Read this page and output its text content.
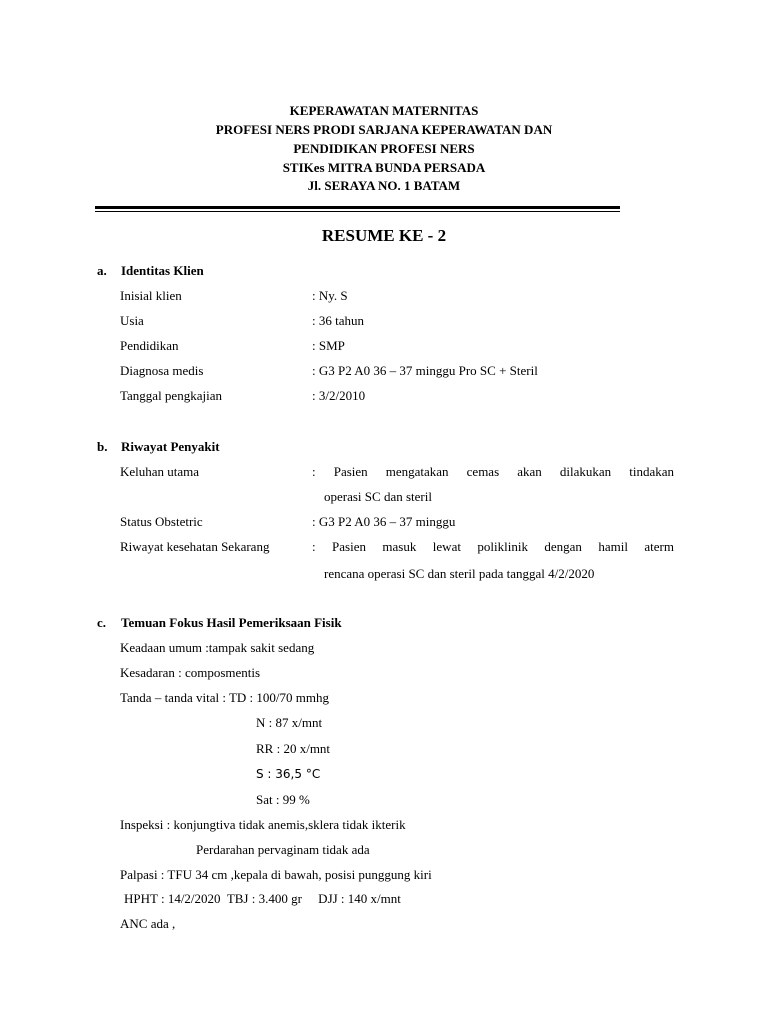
KEPERAWATAN MATERNITAS
PROFESI NERS PRODI SARJANA KEPERAWATAN DAN
PENDIDIKAN PROFESI NERS
STIKes MITRA BUNDA PERSADA
Jl. SERAYA NO. 1 BATAM
RESUME KE - 2
a. Identitas Klien
Inisial klien	: Ny. S
Usia	: 36 tahun
Pendidikan	: SMP
Diagnosa medis	: G3 P2 A0 36 – 37 minggu Pro SC + Steril
Tanggal pengkajian	: 3/2/2010
b. Riwayat Penyakit
Keluhan utama	: Pasien mengatakan cemas akan dilakukan tindakan
operasi SC dan steril
Status Obstetric	: G3 P2 A0 36 – 37 minggu
Riwayat kesehatan Sekarang	: Pasien masuk lewat poliklinik dengan hamil aterm
rencana operasi SC dan steril pada tanggal 4/2/2020
c. Temuan Fokus Hasil Pemeriksaan Fisik
Keadaan umum :tampak sakit sedang
Kesadaran : composmentis
Tanda – tanda vital : TD : 100/70 mmhg
N : 87 x/mnt
RR : 20 x/mnt
S : 36,5 °C
Sat : 99 %
Inspeksi : konjungtiva tidak anemis,sklera tidak ikterik
Perdarahan pervaginam tidak ada
Palpasi : TFU 34 cm ,kepala di bawah, posisi punggung kiri
HPHT : 14/2/2020  TBJ : 3.400 gr     DJJ : 140 x/mnt
ANC ada ,
